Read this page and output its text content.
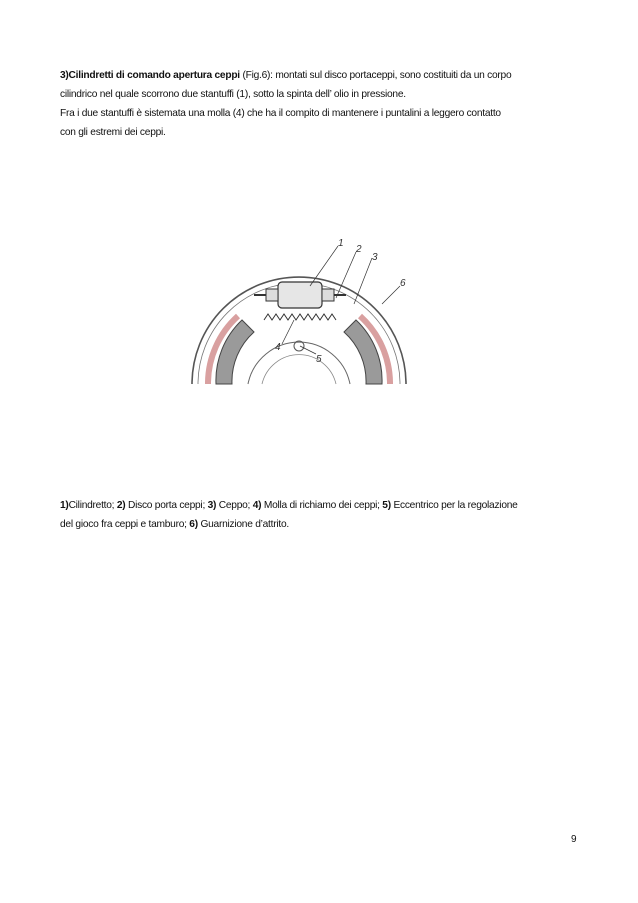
3)Cilindretti di comando apertura ceppi (Fig.6): montati sul disco portaceppi, sono costituiti da un corpo
cilindrico nel quale scorrono due stantuffi (1), sotto la spinta dell’ olio in pressione.
Fra i due stantuffi è sistemata una molla (4) che ha il compito di mantenere i puntalini a leggero contatto
con gli estremi dei ceppi.
1
2
3
4
5
6
1)Cilindretto; 2) Disco porta ceppi; 3) Ceppo; 4) Molla di richiamo dei ceppi; 5) Eccentrico per la regolazione
del gioco fra ceppi e tamburo; 6) Guarnizione d’attrito.
9
